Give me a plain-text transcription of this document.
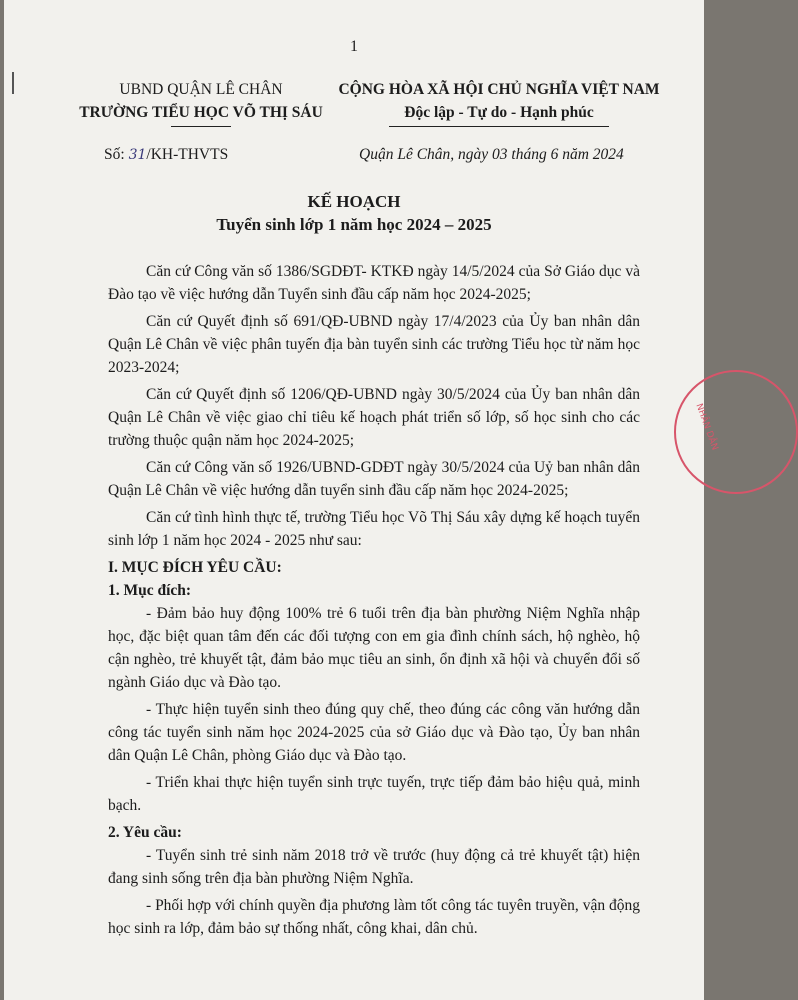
1
UBND QUẬN LÊ CHÂN
TRƯỜNG TIỂU HỌC VÕ THỊ SÁU
CỘNG HÒA XÃ HỘI CHỦ NGHĨA VIỆT NAM
Độc lập - Tự do - Hạnh phúc
Số: 31/KH-THVTS	Quận Lê Chân, ngày 03 tháng 6 năm 2024
KẾ HOẠCH
Tuyển sinh lớp 1 năm học 2024 – 2025

Căn cứ Công văn số 1386/SGDĐT- KTKĐ ngày 14/5/2024 của Sở Giáo dục và Đào tạo về việc hướng dẫn Tuyển sinh đầu cấp năm học 2024-2025;

Căn cứ Quyết định số 691/QĐ-UBND ngày 17/4/2023 của Ủy ban nhân dân Quận Lê Chân về việc phân tuyến địa bàn tuyển sinh các trường Tiểu học từ năm học 2023-2024;

Căn cứ Quyết định số 1206/QĐ-UBND ngày 30/5/2024 của Ủy ban nhân dân Quận Lê Chân về việc giao chỉ tiêu kế hoạch phát triển số lớp, số học sinh cho các trường thuộc quận năm học 2024-2025;

Căn cứ Công văn số 1926/UBND-GDĐT ngày 30/5/2024 của Uỷ ban nhân dân Quận Lê Chân về việc hướng dẫn tuyển sinh đầu cấp năm học 2024-2025;

Căn cứ tình hình thực tế, trường Tiểu học Võ Thị Sáu xây dựng kế hoạch tuyển sinh lớp 1 năm học 2024 - 2025 như sau:

I. MỤC ĐÍCH YÊU CẦU:
1. Mục đích:

- Đảm bảo huy động 100% trẻ 6 tuổi trên địa bàn phường Niệm Nghĩa nhập học, đặc biệt quan tâm đến các đối tượng con em gia đình chính sách, hộ nghèo, hộ cận nghèo, trẻ khuyết tật, đảm bảo mục tiêu an sinh, ổn định xã hội và chuyển đổi số ngành Giáo dục và Đào tạo.

- Thực hiện tuyển sinh theo đúng quy chế, theo đúng các công văn hướng dẫn công tác tuyển sinh năm học 2024-2025 của sở Giáo dục và Đào tạo, Ủy ban nhân dân Quận Lê Chân, phòng Giáo dục và Đào tạo.

- Triển khai thực hiện tuyển sinh trực tuyến, trực tiếp đảm bảo hiệu quả, minh bạch.

2. Yêu cầu:

- Tuyển sinh trẻ sinh năm 2018 trở về trước (huy động cả trẻ khuyết tật) hiện đang sinh sống trên địa bàn phường Niệm Nghĩa.

- Phối hợp với chính quyền địa phương làm tốt công tác tuyên truyền, vận động học sinh ra lớp, đảm bảo sự thống nhất, công khai, dân chủ.

NHÂN DÂN
